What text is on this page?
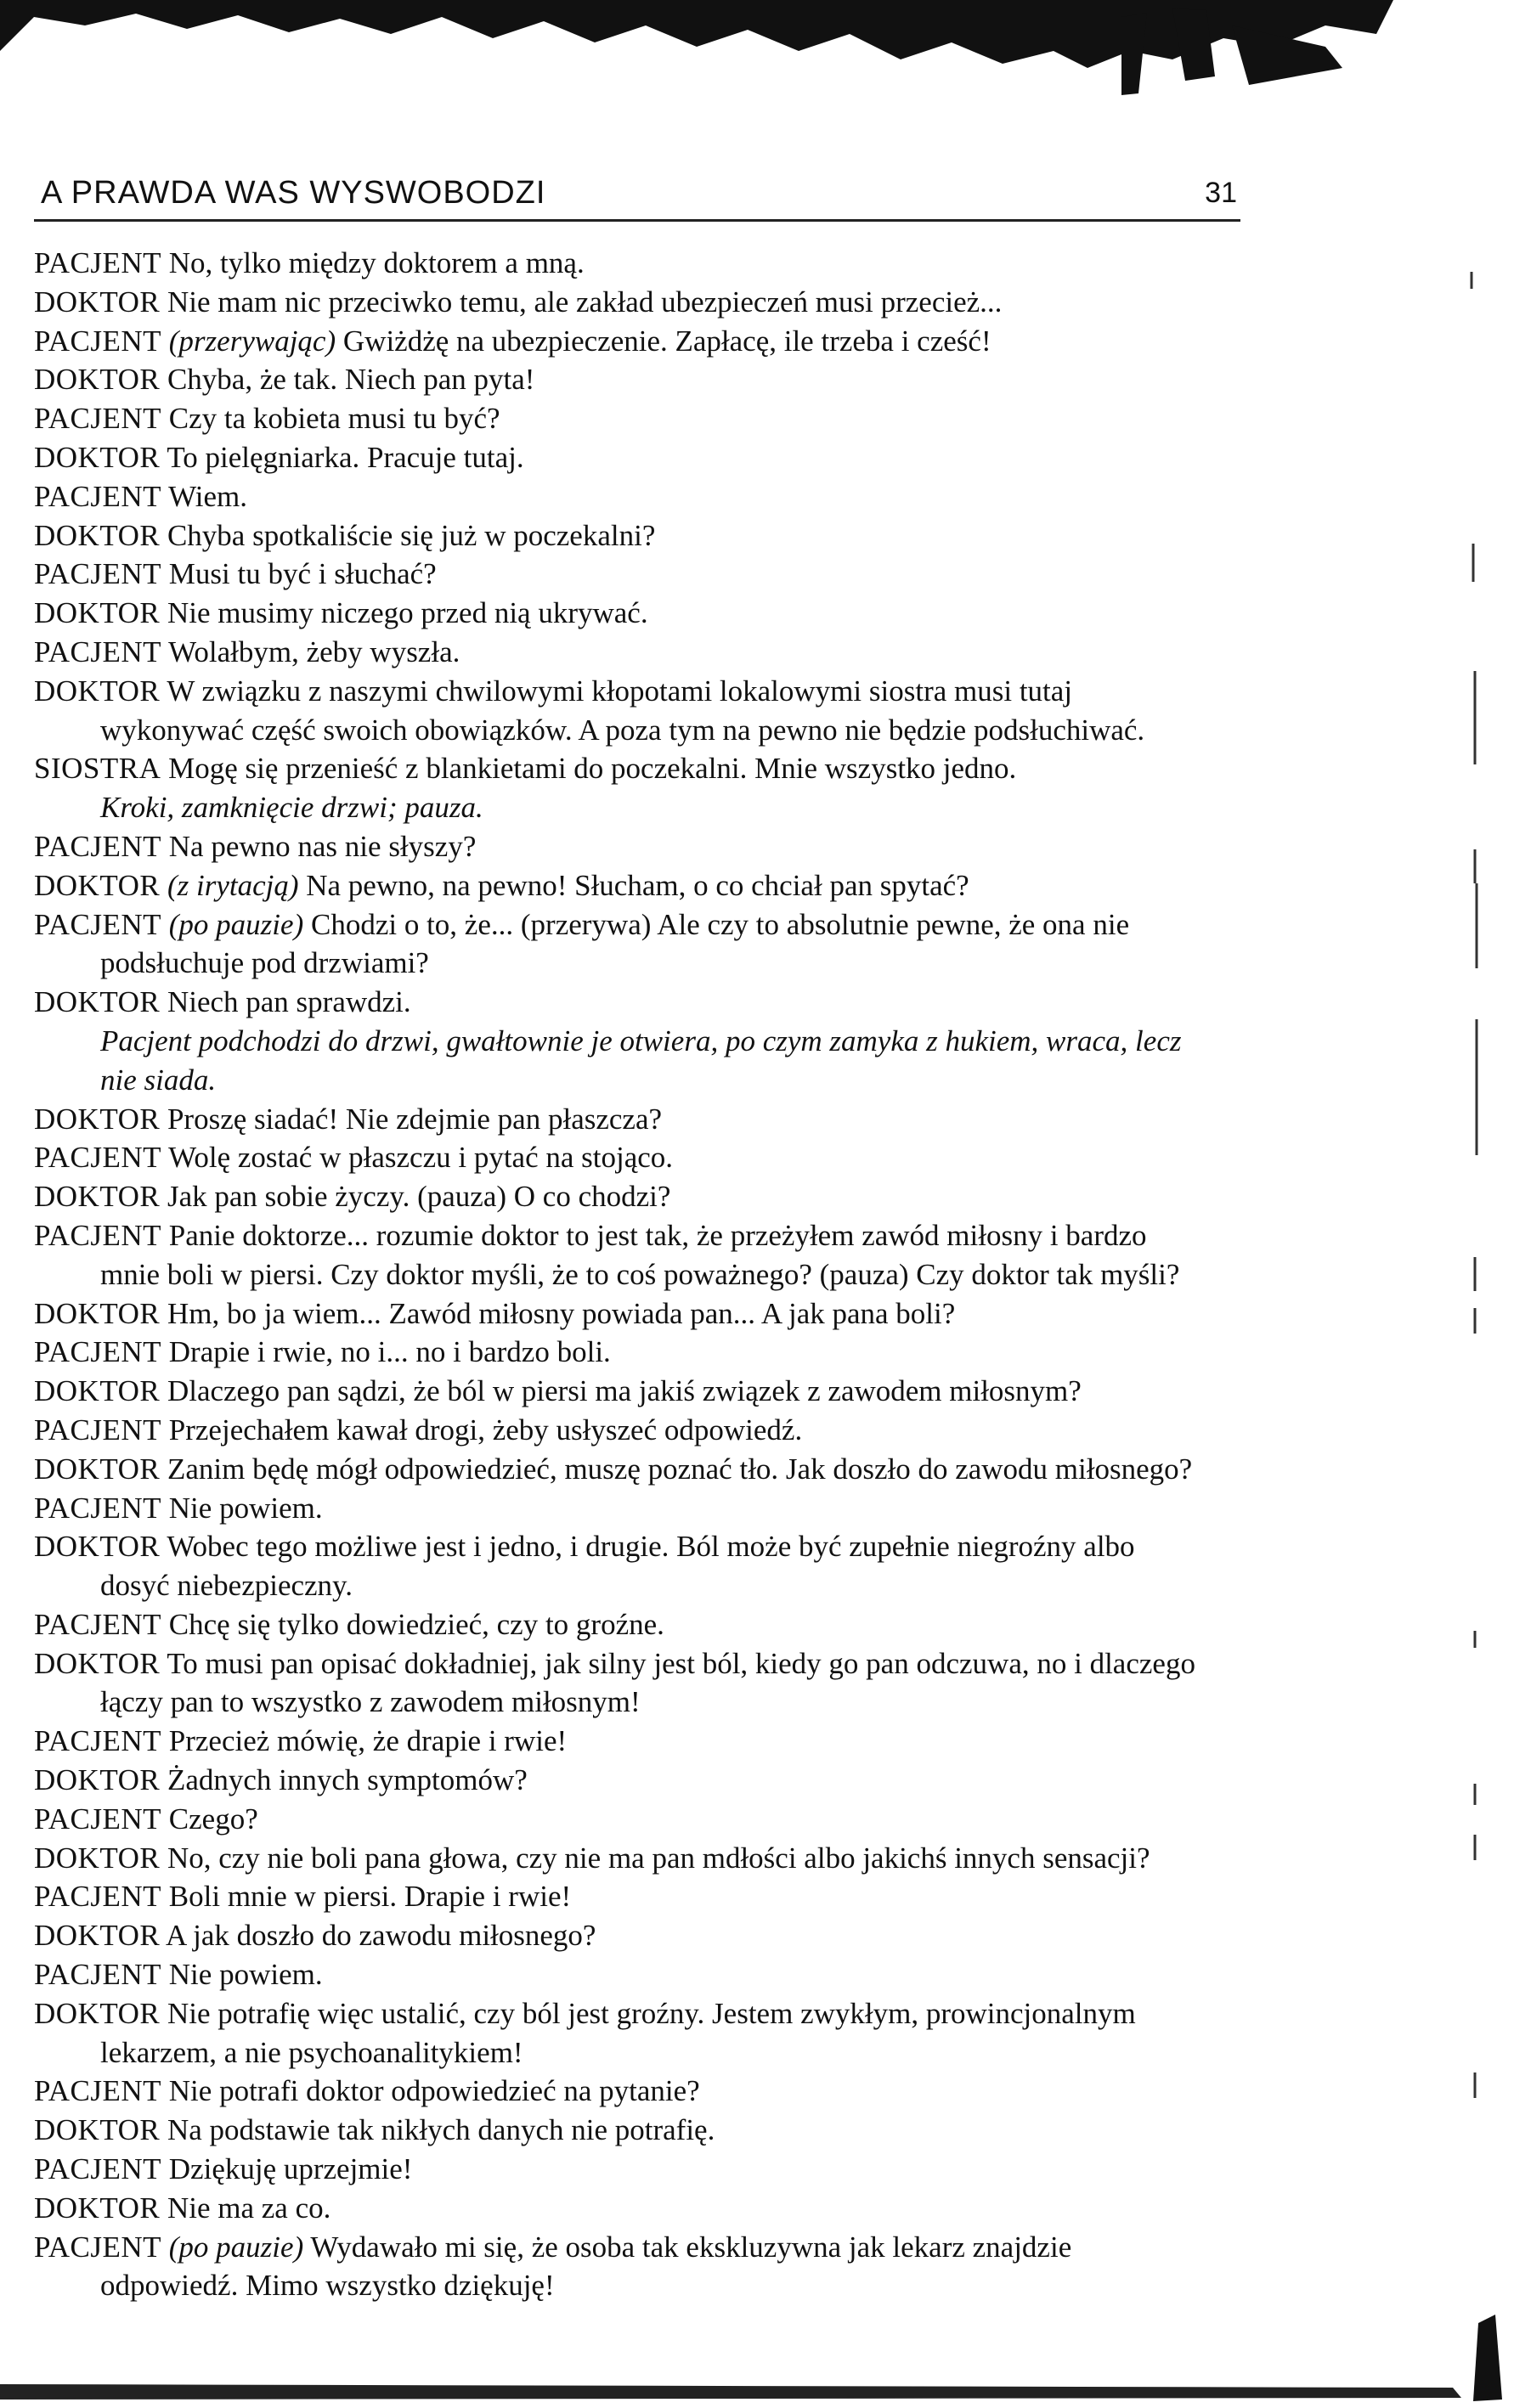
A PRAWDA WAS WYSWOBODZI	31
PACJENT No, tylko między doktorem a mną.
DOKTOR Nie mam nic przeciwko temu, ale zakład ubezpieczeń musi przecież...
PACJENT (przerywając) Gwiżdżę na ubezpieczenie. Zapłacę, ile trzeba i cześć!
DOKTOR Chyba, że tak. Niech pan pyta!
PACJENT Czy ta kobieta musi tu być?
DOKTOR To pielęgniarka. Pracuje tutaj.
PACJENT Wiem.
DOKTOR Chyba spotkaliście się już w poczekalni?
PACJENT Musi tu być i słuchać?
DOKTOR Nie musimy niczego przed nią ukrywać.
PACJENT Wolałbym, żeby wyszła.
DOKTOR W związku z naszymi chwilowymi kłopotami lokalowymi siostra musi tutaj
wykonywać część swoich obowiązków. A poza tym na pewno nie będzie podsłuchiwać.
SIOSTRA Mogę się przenieść z blankietami do poczekalni. Mnie wszystko jedno.
Kroki, zamknięcie drzwi; pauza.
PACJENT Na pewno nas nie słyszy?
DOKTOR (z irytacją) Na pewno, na pewno! Słucham, o co chciał pan spytać?
PACJENT (po pauzie) Chodzi o to, że... (przerywa) Ale czy to absolutnie pewne, że ona nie
podsłuchuje pod drzwiami?
DOKTOR Niech pan sprawdzi.
Pacjent podchodzi do drzwi, gwałtownie je otwiera, po czym zamyka z hukiem, wraca, lecz
nie siada.
DOKTOR Proszę siadać! Nie zdejmie pan płaszcza?
PACJENT Wolę zostać w płaszczu i pytać na stojąco.
DOKTOR Jak pan sobie życzy. (pauza) O co chodzi?
PACJENT Panie doktorze... rozumie doktor to jest tak, że przeżyłem zawód miłosny i bardzo
mnie boli w piersi. Czy doktor myśli, że to coś poważnego? (pauza) Czy doktor tak myśli?
DOKTOR Hm, bo ja wiem... Zawód miłosny powiada pan... A jak pana boli?
PACJENT Drapie i rwie, no i... no i bardzo boli.
DOKTOR Dlaczego pan sądzi, że ból w piersi ma jakiś związek z zawodem miłosnym?
PACJENT Przejechałem kawał drogi, żeby usłyszeć odpowiedź.
DOKTOR Zanim będę mógł odpowiedzieć, muszę poznać tło. Jak doszło do zawodu miłosnego?
PACJENT Nie powiem.
DOKTOR Wobec tego możliwe jest i jedno, i drugie. Ból może być zupełnie niegroźny albo
dosyć niebezpieczny.
PACJENT Chcę się tylko dowiedzieć, czy to groźne.
DOKTOR To musi pan opisać dokładniej, jak silny jest ból, kiedy go pan odczuwa, no i dlaczego
łączy pan to wszystko z zawodem miłosnym!
PACJENT Przecież mówię, że drapie i rwie!
DOKTOR Żadnych innych symptomów?
PACJENT Czego?
DOKTOR No, czy nie boli pana głowa, czy nie ma pan mdłości albo jakichś innych sensacji?
PACJENT Boli mnie w piersi. Drapie i rwie!
DOKTOR A jak doszło do zawodu miłosnego?
PACJENT Nie powiem.
DOKTOR Nie potrafię więc ustalić, czy ból jest groźny. Jestem zwykłym, prowincjonalnym
lekarzem, a nie psychoanalitykiem!
PACJENT Nie potrafi doktor odpowiedzieć na pytanie?
DOKTOR Na podstawie tak nikłych danych nie potrafię.
PACJENT Dziękuję uprzejmie!
DOKTOR Nie ma za co.
PACJENT (po pauzie) Wydawało mi się, że osoba tak ekskluzywna jak lekarz znajdzie
odpowiedź. Mimo wszystko dziękuję!
